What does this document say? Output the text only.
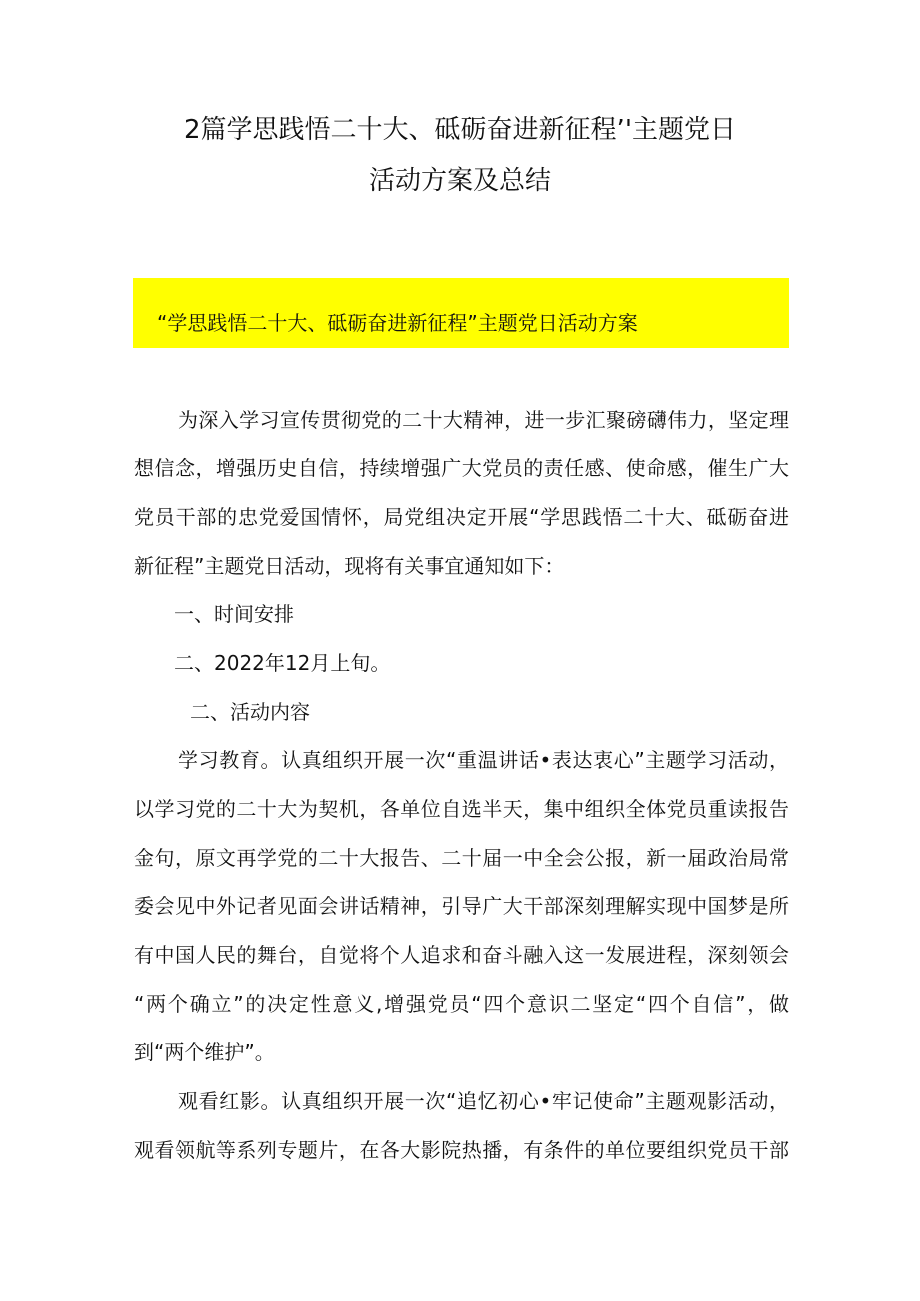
2篇学思践悟二十大、砥砺奋进新征程’'主题党日
活动方案及总结
“学思践悟二十大、砥砺奋进新征程”主题党日活动方案
为深入学习宣传贯彻党的二十大精神，进一步汇聚磅礴伟力，坚定理
想信念，增强历史自信，持续增强广大党员的责任感、使命感，催生广大
党员干部的忠党爱国情怀，局党组决定开展“学思践悟二十大、砥砺奋进
新征程”主题党日活动，现将有关事宜通知如下：
一、时间安排
二、2022年12月上旬。
二、活动内容
学习教育。认真组织开展一次“重温讲话•表达衷心”主题学习活动，
以学习党的二十大为契机，各单位自选半天，集中组织全体党员重读报告
金句，原文再学党的二十大报告、二十届一中全会公报，新一届政治局常
委会见中外记者见面会讲话精神，引导广大干部深刻理解实现中国梦是所
有中国人民的舞台，自觉将个人追求和奋斗融入这一发展进程，深刻领会
“两个确立”的决定性意义,增强党员“四个意识二坚定“四个自信”，做
到“两个维护”。
观看红影。认真组织开展一次“追忆初心•牢记使命”主题观影活动，
观看领航等系列专题片，在各大影院热播，有条件的单位要组织党员干部
